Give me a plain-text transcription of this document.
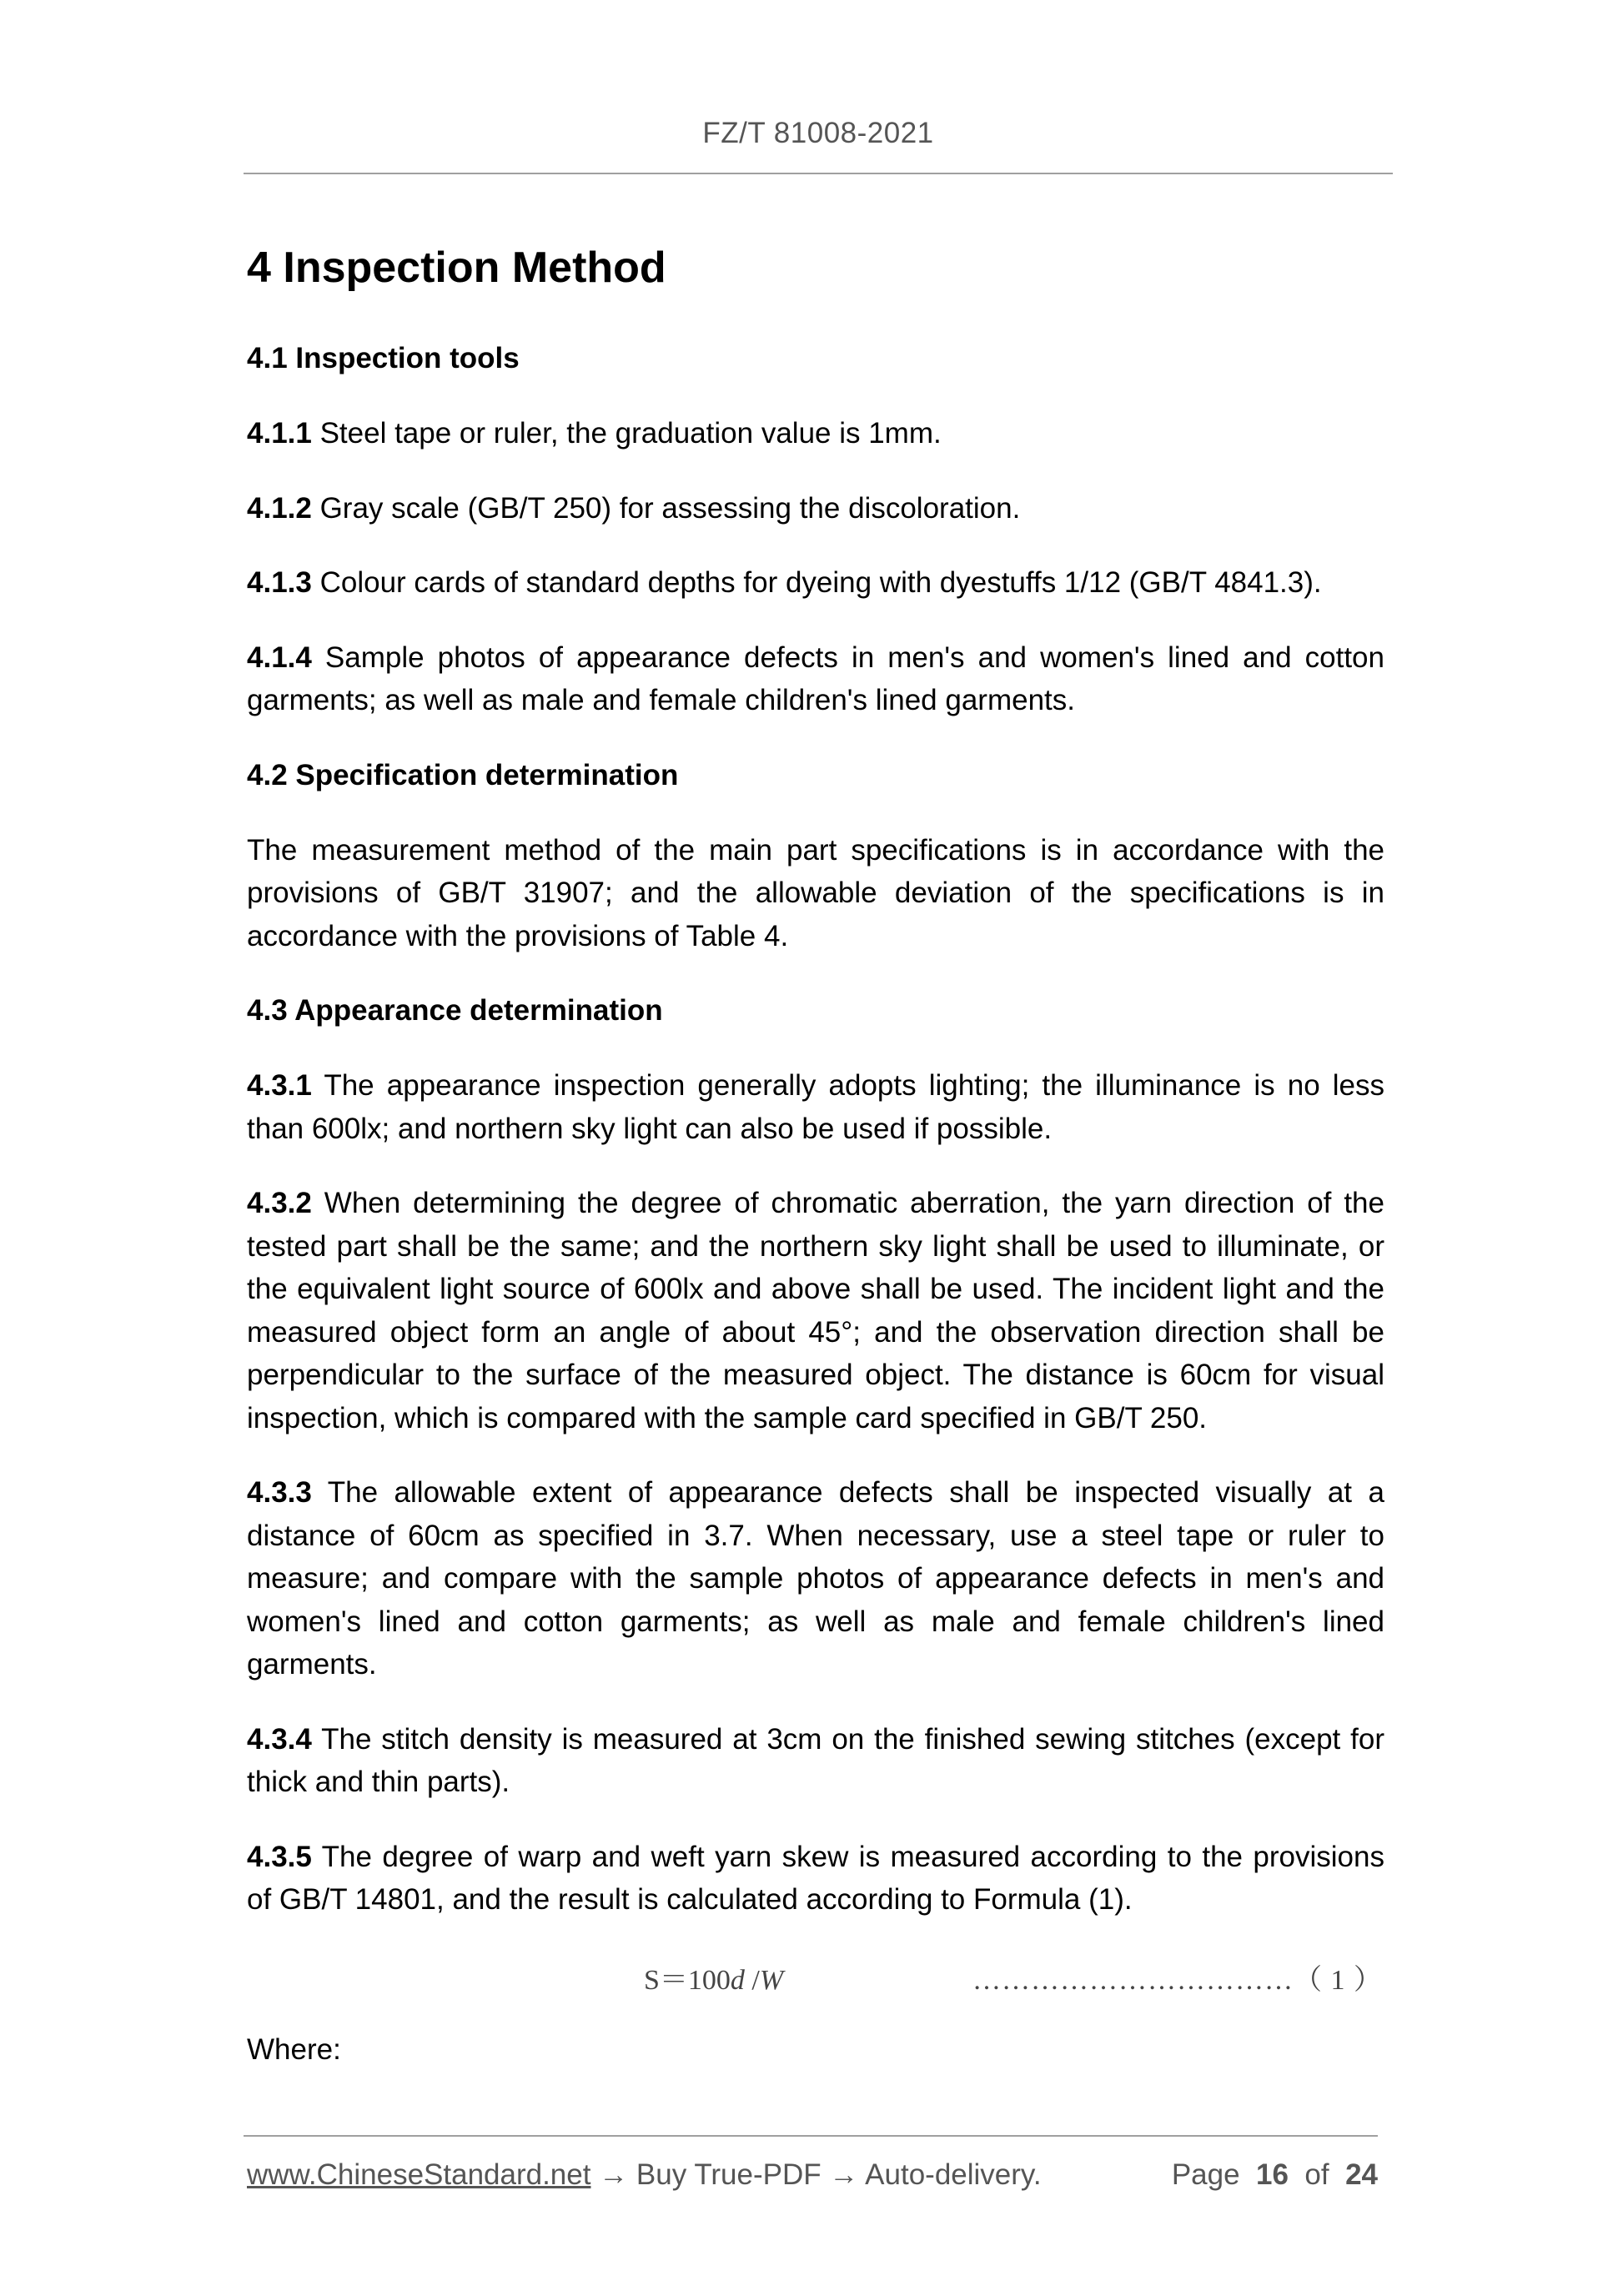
FZ/T 81008-2021
4 Inspection Method
4.1 Inspection tools
4.1.1 Steel tape or ruler, the graduation value is 1mm.
4.1.2 Gray scale (GB/T 250) for assessing the discoloration.
4.1.3 Colour cards of standard depths for dyeing with dyestuffs 1/12 (GB/T 4841.3).
4.1.4 Sample photos of appearance defects in men's and women's lined and cotton garments; as well as male and female children's lined garments.
4.2 Specification determination
The measurement method of the main part specifications is in accordance with the provisions of GB/T 31907; and the allowable deviation of the specifications is in accordance with the provisions of Table 4.
4.3 Appearance determination
4.3.1 The appearance inspection generally adopts lighting; the illuminance is no less than 600lx; and northern sky light can also be used if possible.
4.3.2 When determining the degree of chromatic aberration, the yarn direction of the tested part shall be the same; and the northern sky light shall be used to illuminate, or the equivalent light source of 600lx and above shall be used. The incident light and the measured object form an angle of about 45°; and the observation direction shall be perpendicular to the surface of the measured object. The distance is 60cm for visual inspection, which is compared with the sample card specified in GB/T 250.
4.3.3 The allowable extent of appearance defects shall be inspected visually at a distance of 60cm as specified in 3.7. When necessary, use a steel tape or ruler to measure; and compare with the sample photos of appearance defects in men's and women's lined and cotton garments; as well as male and female children's lined garments.
4.3.4 The stitch density is measured at 3cm on the finished sewing stitches (except for thick and thin parts).
4.3.5 The degree of warp and weft yarn skew is measured according to the provisions of GB/T 14801, and the result is calculated according to Formula (1).
S＝100d /W	……………………………（ 1 ）
Where:
www.ChineseStandard.net → Buy True-PDF → Auto-delivery.	Page 16 of 24
